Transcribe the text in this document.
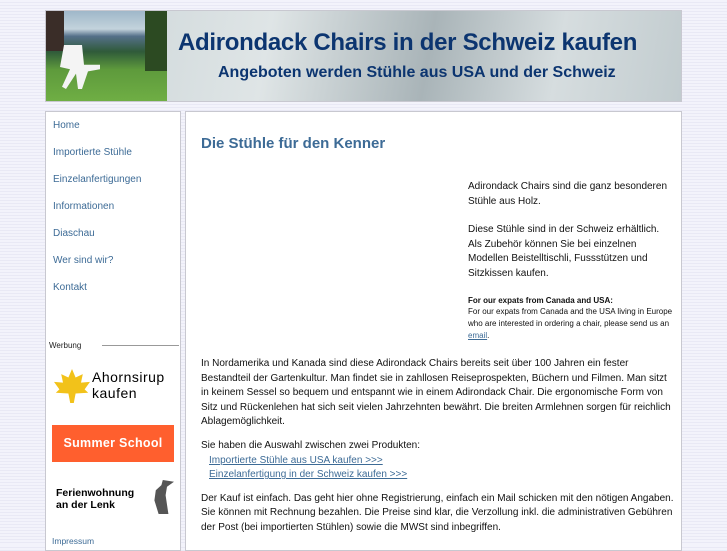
Adirondack Chairs in der Schweiz kaufen
Angeboten werden Stühle aus USA und der Schweiz
Home
Importierte Stühle
Einzelanfertigungen
Informationen
Diaschau
Wer sind wir?
Kontakt
Werbung
Ahornsirup kaufen
Summer School
Ferienwohnung an der Lenk
Impressum
Die Stühle für den Kenner

Adirondack Chairs sind die ganz besonderen Stühle aus Holz.

Diese Stühle sind in der Schweiz erhältlich. Als Zubehör können Sie bei einzelnen Modellen Beistelltischli, Fussstützen und Sitzkissen kaufen.

For our expats from Canada and USA:
For our expats from Canada and the USA living in Europe who are interested in ordering a chair, please send us an email.

In Nordamerika und Kanada sind diese Adirondack Chairs bereits seit über 100 Jahren ein fester Bestandteil der Gartenkultur. Man findet sie in zahllosen Reiseprospekten, Büchern und Filmen. Man sitzt in keinem Sessel so bequem und entspannt wie in einem Adirondack Chair. Die ergonomische Form von Sitz und Rückenlehen hat sich seit vielen Jahrzehnten bewährt. Die breiten Armlehnen sorgen für reichlich Ablagemöglichkeit.

Sie haben die Auswahl zwischen zwei Produkten:
Importierte Stühle aus USA kaufen >>>
Einzelanfertigung in der Schweiz kaufen >>>

Der Kauf ist einfach. Das geht hier ohne Registrierung, einfach ein Mail schicken mit den nötigen Angaben. Sie können mit Rechnung bezahlen. Die Preise sind klar, die Verzollung inkl. die administrativen Gebühren der Post (bei importierten Stühlen) sowie die MWSt sind inbegriffen.
